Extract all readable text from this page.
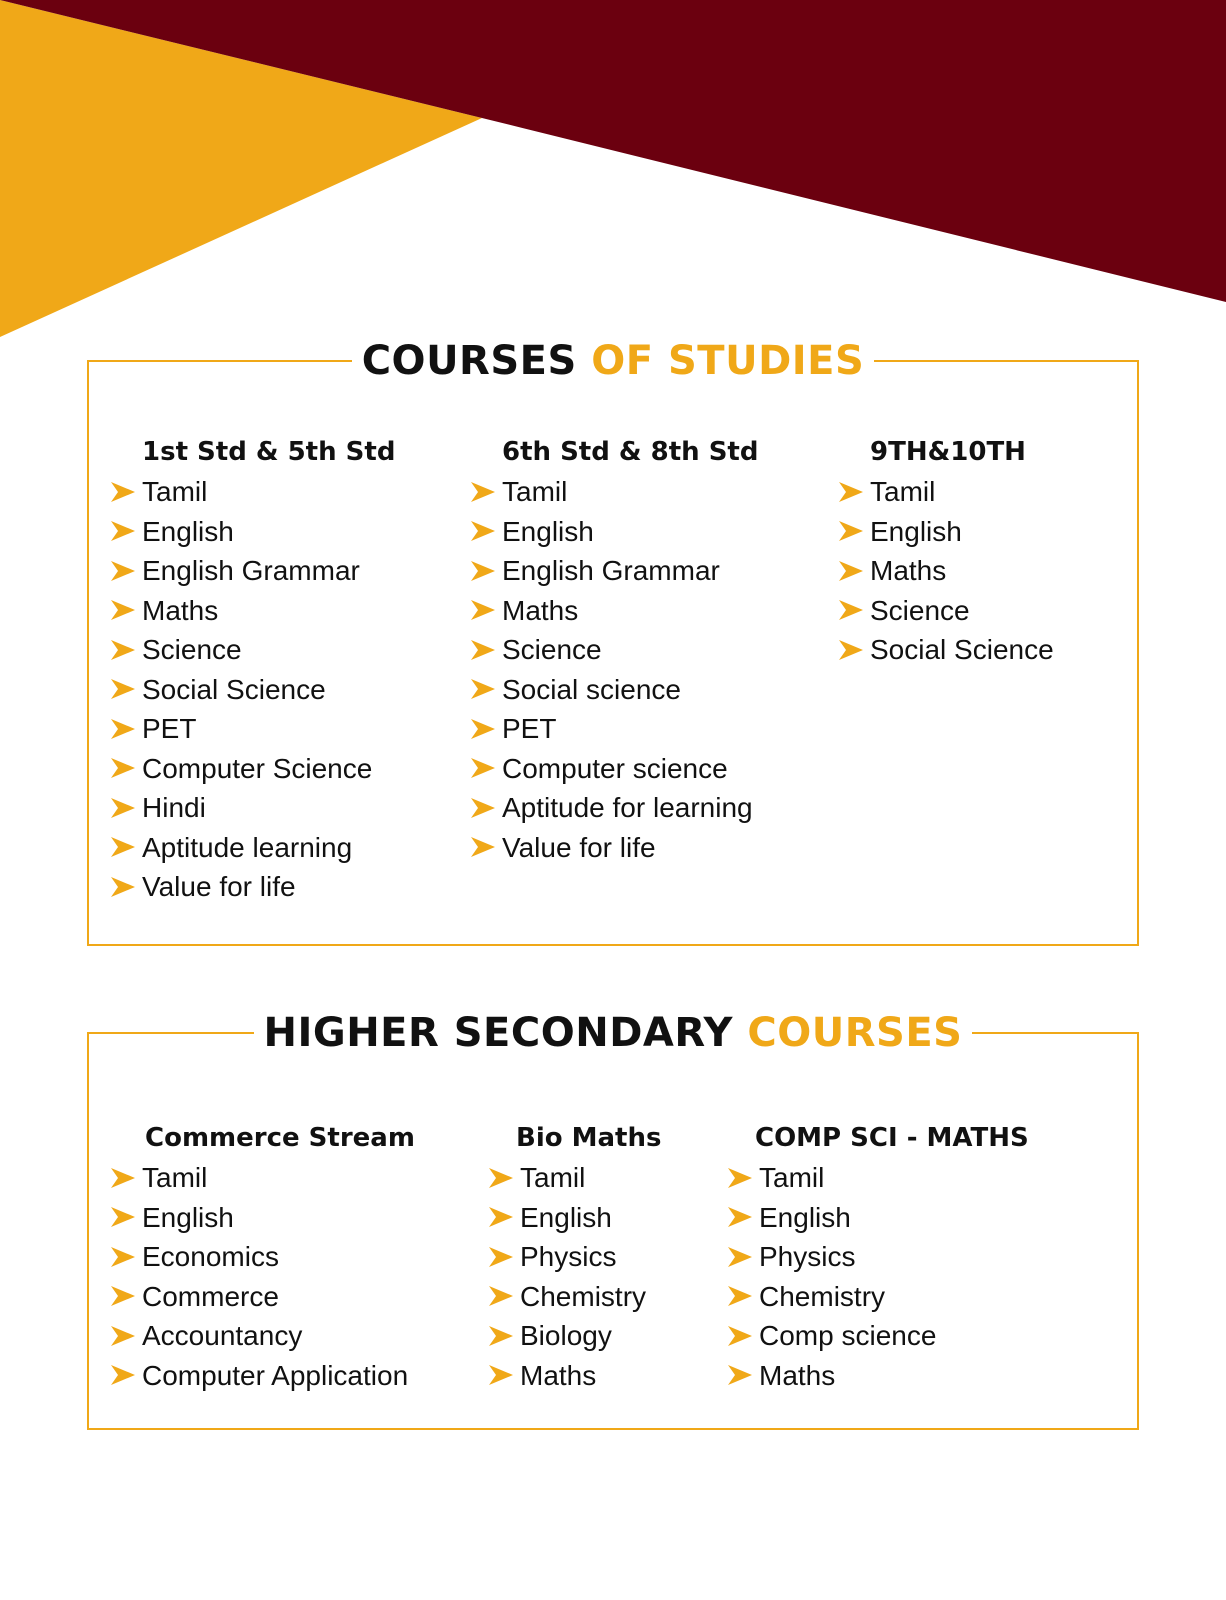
COURSES OF STUDIES
1st Std & 5th Std
Tamil
English
English Grammar
Maths
Science
Social Science
PET
Computer Science
Hindi
Aptitude learning
Value for life
6th Std & 8th Std
Tamil
English
English Grammar
Maths
Science
Social science
PET
Computer science
Aptitude for learning
Value for life
9TH&10TH
Tamil
English
Maths
Science
Social Science
HIGHER SECONDARY COURSES
Commerce Stream
Tamil
English
Economics
Commerce
Accountancy
Computer Application
Bio Maths
Tamil
English
Physics
Chemistry
Biology
Maths
COMP SCI - MATHS
Tamil
English
Physics
Chemistry
Comp science
Maths
